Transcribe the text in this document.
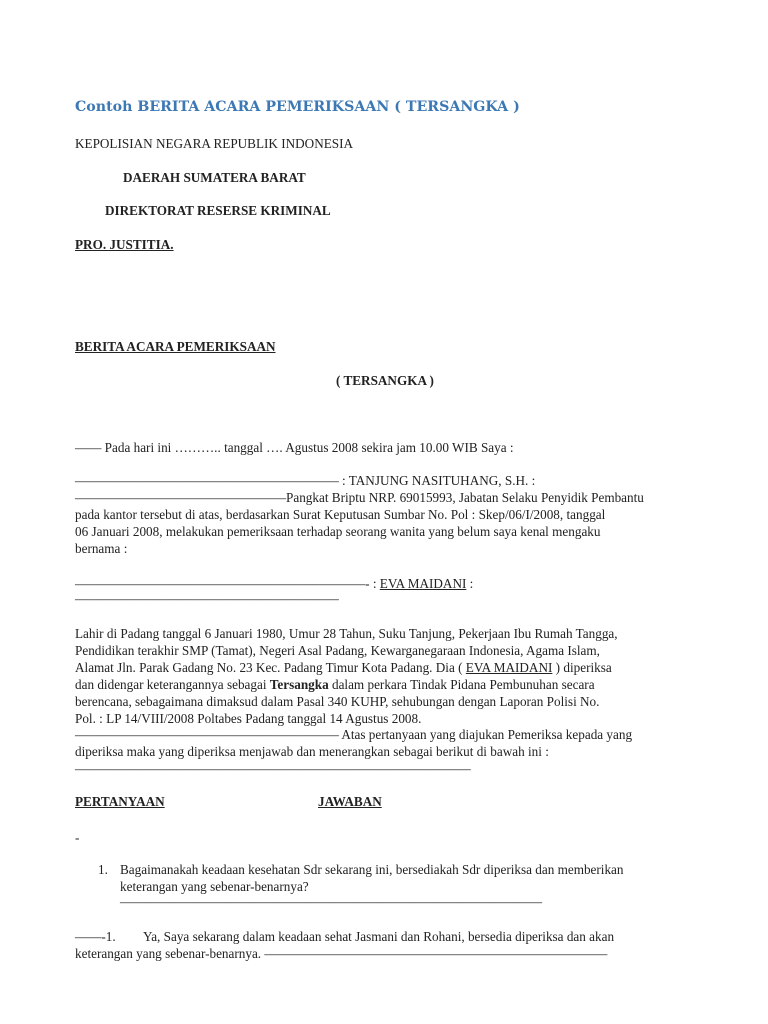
Contoh BERITA ACARA PEMERIKSAAN ( TERSANGKA )
KEPOLISIAN NEGARA REPUBLIK INDONESIA
DAERAH SUMATERA BARAT
DIREKTORAT RESERSE KRIMINAL
PRO. JUSTITIA.
BERITA ACARA PEMERIKSAAN
( TERSANGKA )
—— Pada hari ini ……….. tanggal …. Agustus 2008 sekira jam 10.00 WIB Saya :
———————————————————— : TANJUNG NASITUHANG, S.H. :
————————————————Pangkat Briptu NRP. 69015993, Jabatan Selaku Penyidik Pembantu
pada kantor tersebut di atas, berdasarkan Surat Keputusan Sumbar No. Pol : Skep/06/I/2008, tanggal
06 Januari 2008, melakukan pemeriksaan terhadap seorang wanita yang belum saya kenal mengaku
bernama :
——————————————————————- : EVA MAIDANI :
————————————————————
Lahir di Padang tanggal 6 Januari 1980, Umur 28 Tahun, Suku Tanjung, Pekerjaan Ibu Rumah Tangga,
Pendidikan terakhir SMP (Tamat), Negeri Asal Padang, Kewarganegaraan Indonesia, Agama Islam,
Alamat Jln. Parak Gadang No. 23 Kec. Padang Timur Kota Padang. Dia ( EVA MAIDANI ) diperiksa
dan didengar keterangannya sebagai Tersangka dalam perkara Tindak Pidana Pembunuhan secara
berencana, sebagaimana dimaksud dalam Pasal 340 KUHP, sehubungan dengan Laporan Polisi No.
Pol. : LP 14/VIII/2008 Poltabes Padang tanggal 14 Agustus 2008.
———————————————————— Atas pertanyaan yang diajukan Pemeriksa kepada yang
diperiksa maka yang diperiksa menjawab dan menerangkan sebagai berikut di bawah ini :
——————————————————————————————
PERTANYAAN	JAWABAN
-
1. Bagaimanakah keadaan kesehatan Sdr sekarang ini, bersediakah Sdr diperiksa dan memberikan
keterangan yang sebenar-benarnya?
————————————————————————————————
——-1. Ya, Saya sekarang dalam keadaan sehat Jasmani dan Rohani, bersedia diperiksa dan akan
keterangan yang sebenar-benarnya. ——————————————————————————
